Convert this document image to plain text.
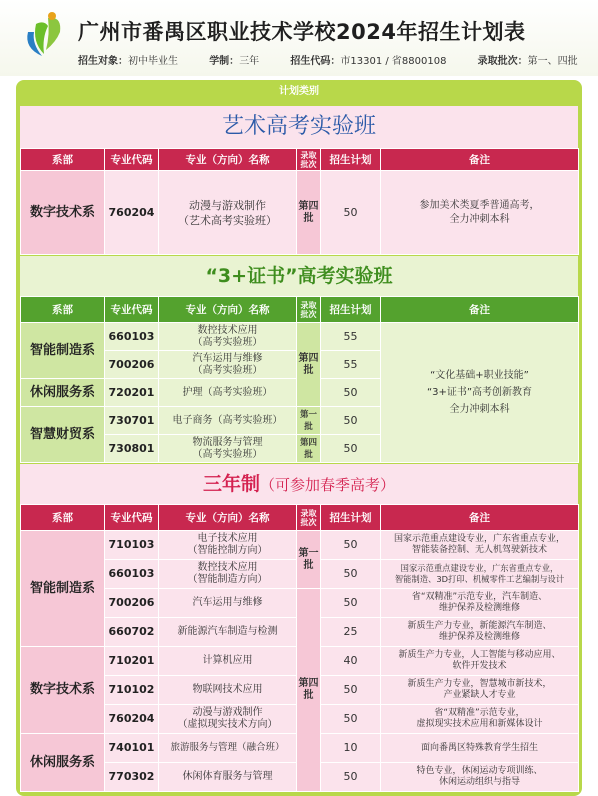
广州市番禺区职业技术学校2024年招生计划表
招生对象：初中毕业生	学制：三年	招生代码：市13301 / 省8800108	录取批次：第一、四批
计划类别
艺术高考实验班
系部	专业代码	专业（方向）名称	录取批次	招生计划	备注
数字技术系	760204	动漫与游戏制作
（艺术高考实验班）	第四批	50	参加美术类夏季普通高考，
全力冲刺本科
“3+证书”高考实验班
系部	专业代码	专业（方向）名称	录取批次	招生计划	备注
智能制造系	660103	数控技术应用
（高考实验班）	第四批	55	“文化基础+职业技能”
“3+证书”高考创新教育
全力冲刺本科
	700206	汽车运用与维修
（高考实验班）		55	
休闲服务系	720201	护理（高考实验班）		50	
智慧财贸系	730701	电子商务（高考实验班）	第一批	50	
	730801	物流服务与管理
（高考实验班）	第四批	50	
三年制（可参加春季高考）
系部	专业代码	专业（方向）名称	录取批次	招生计划	备注
智能制造系	710103	电子技术应用
（智能控制方向）	第一批	50	国家示范重点建设专业，广东省重点专业，
智能装备控制、无人机驾驶新技术
	660103	数控技术应用
（智能制造方向）		50	国家示范重点建设专业，广东省重点专业，
智能制造、3D打印、机械零件工艺编制与设计
	700206	汽车运用与维修	第四批	50	省“双精准”示范专业，汽车制造、
维护保养及检测维修
	660702	新能源汽车制造与检测		25	新质生产力专业，新能源汽车制造、
维护保养及检测维修
数字技术系	710201	计算机应用		40	新质生产力专业，人工智能与移动应用、
软件开发技术
	710102	物联网技术应用		50	新质生产力专业，智慧城市新技术，
产业紧缺人才专业
	760204	动漫与游戏制作
（虚拟现实技术方向）		50	省“双精准”示范专业，
虚拟现实技术应用和新媒体设计
休闲服务系	740101	旅游服务与管理（融合班）		10	面向番禺区特殊教育学生招生
	770302	休闲体育服务与管理		50	特色专业，休闲运动专项训练、
休闲运动组织与指导
